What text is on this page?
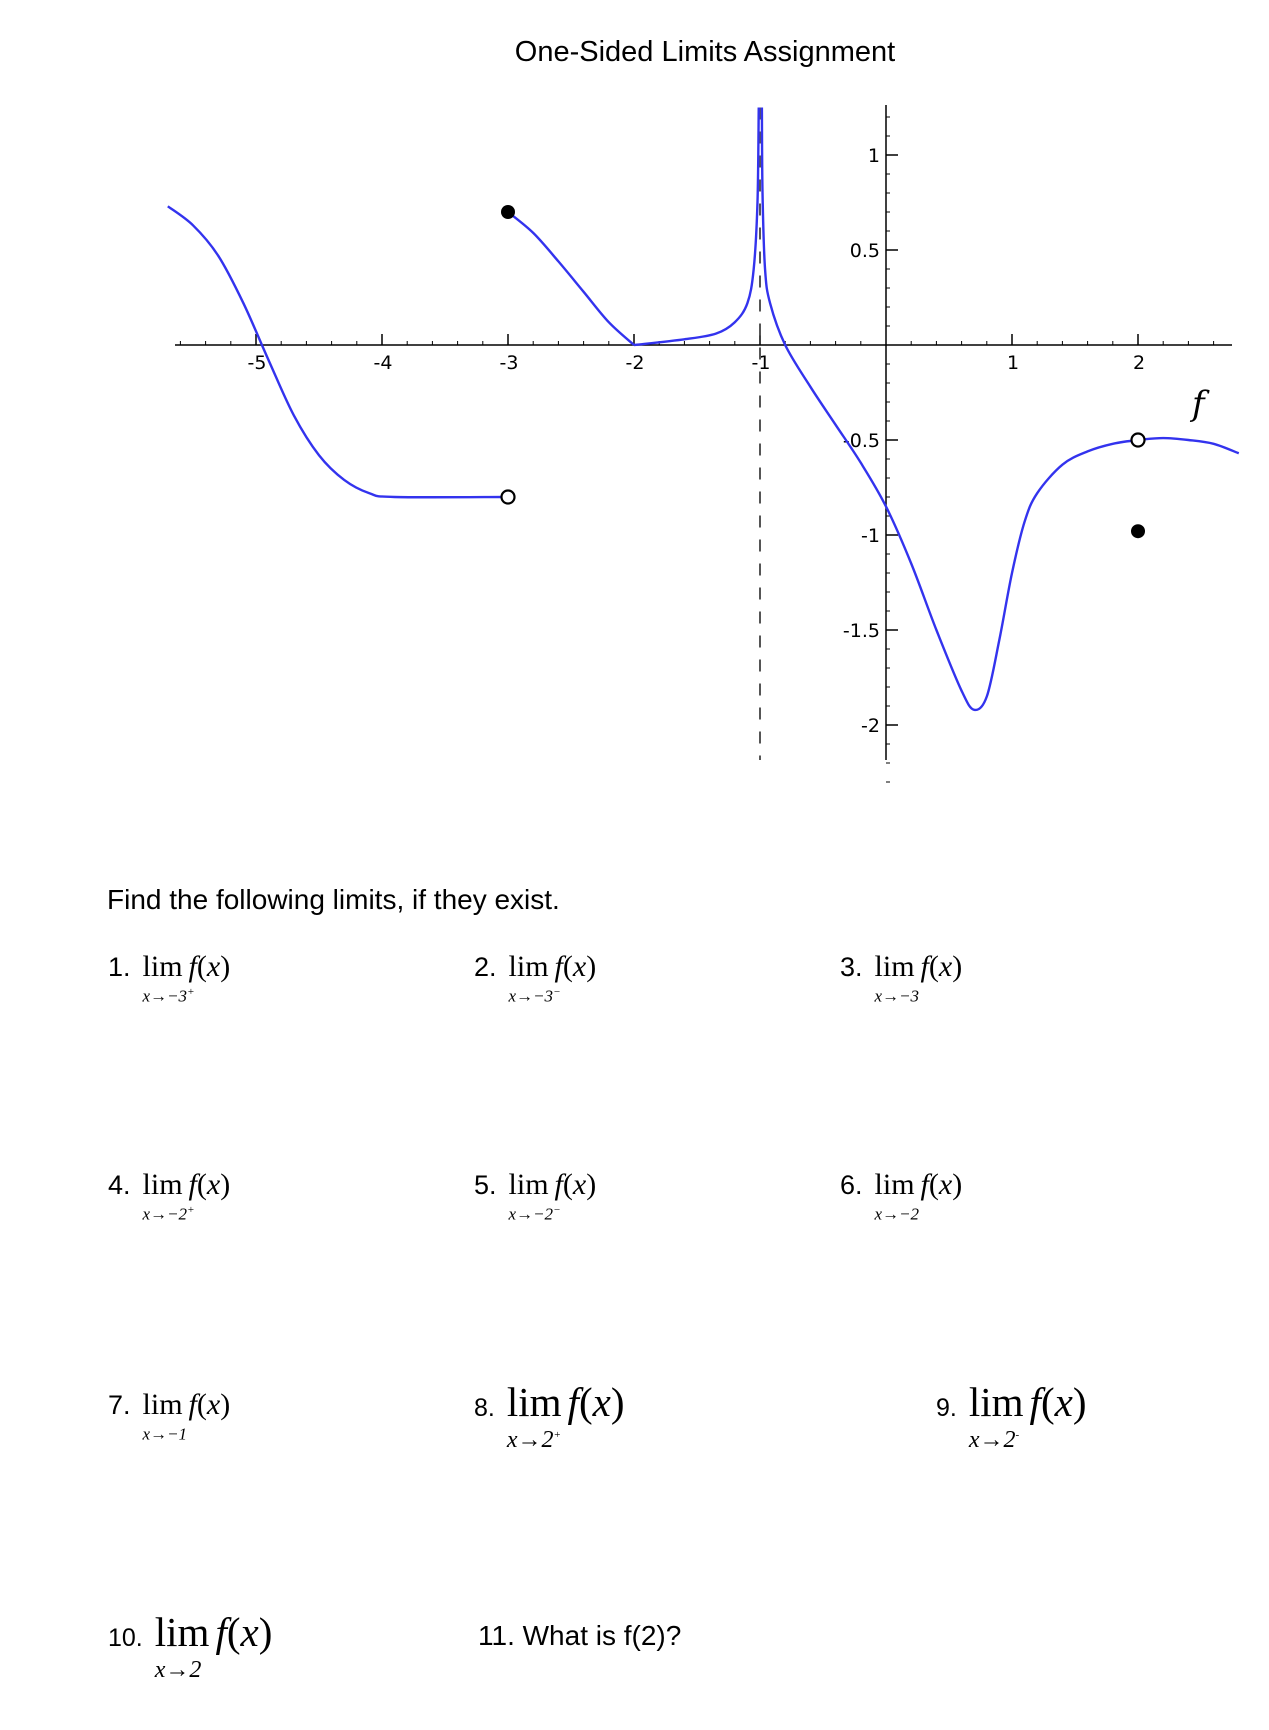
-5	-4	-3	-2	-1	1	2
1
0.5
-0.5
-1
-1.5
-2
f
One-Sided Limits Assignment
Find the following limits, if they exist.
1. lim f(x)
x→−3+
2. lim f(x)
x→−3−
3. lim f(x)
x→−3
4. lim f(x)
x→−2+
5. lim f(x)
x→−2−
6. lim f(x)
x→−2
7. lim f(x)
x→−1
8. lim f(x)
x→2+
9. lim f(x)
x→2-
10. lim f(x)
x→2
11. What is f(2)?
